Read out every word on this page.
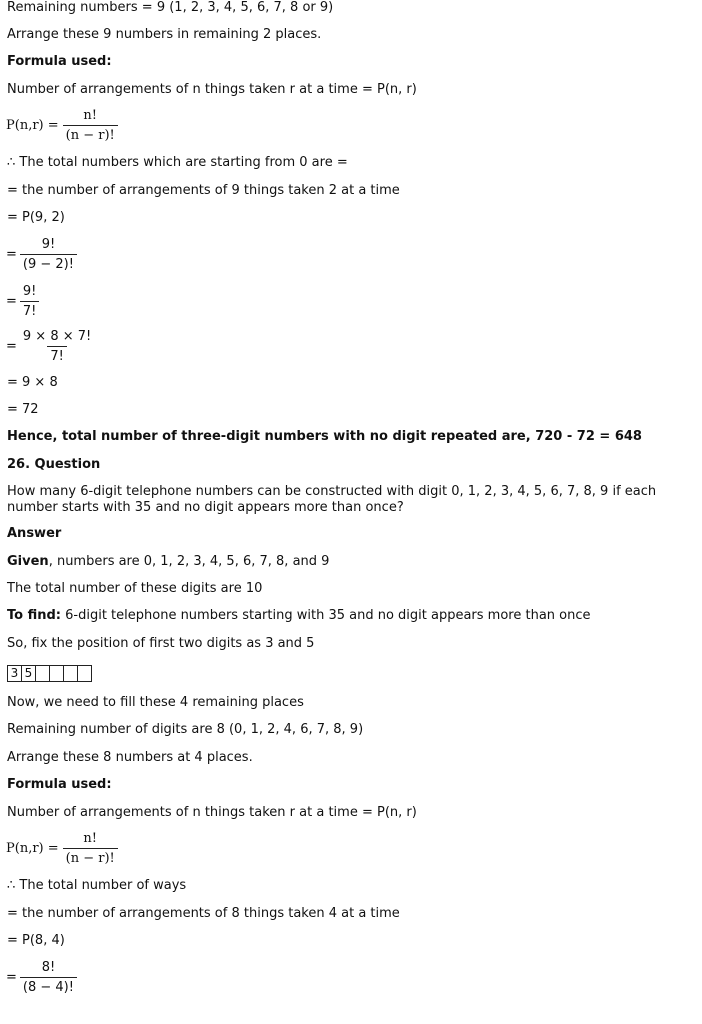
Remaining numbers = 9 (1, 2, 3, 4, 5, 6, 7, 8 or 9)
Arrange these 9 numbers in remaining 2 places.
Formula used:
Number of arrangements of n things taken r at a time = P(n, r)
$P(n,r) = \frac{n!}{(n - r)!}$
∴ The total numbers which are starting from 0 are =
= the number of arrangements of 9 things taken 2 at a time
= P(9, 2)
= $\frac{9!}{(9 - 2)!}$
= $\frac{9!}{7!}$
= $\frac{9 \times 8 \times 7!}{7!}$
= 9 × 8
= 72
Hence, total number of three-digit numbers with no digit repeated are, 720 - 72 = 648
26. Question
How many 6-digit telephone numbers can be constructed with digit 0, 1, 2, 3, 4, 5, 6, 7, 8, 9 if each number starts with 35 and no digit appears more than once?
Answer
Given, numbers are 0, 1, 2, 3, 4, 5, 6, 7, 8, and 9
The total number of these digits are 10
To find: 6-digit telephone numbers starting with 35 and no digit appears more than once
So, fix the position of first two digits as 3 and 5
3 5
Now, we need to fill these 4 remaining places
Remaining number of digits are 8 (0, 1, 2, 4, 6, 7, 8, 9)
Arrange these 8 numbers at 4 places.
Formula used:
Number of arrangements of n things taken r at a time = P(n, r)
$P(n,r) = \frac{n!}{(n - r)!}$
∴ The total number of ways
= the number of arrangements of 8 things taken 4 at a time
= P(8, 4)
= $\frac{8!}{(8 - 4)!}$
